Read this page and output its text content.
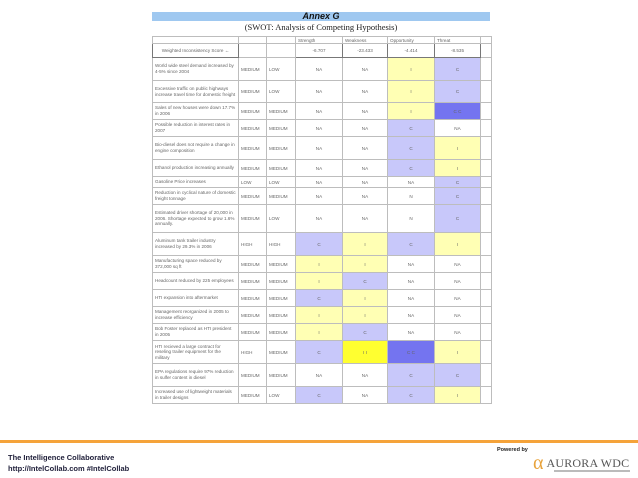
Annex G
(SWOT: Analysis of Competing Hypothesis)
			Strength	Weakness	Opportunity	Threat	
Weighted Inconsistency Score ←			-6.707	-23.433	-4.414	-8.535	
World wide steel demand increased by 4-5% since 2004	MEDIUM	LOW	NA	NA	I	C	
Excessive traffic on public highways increase travel time for domestic freight	MEDIUM	LOW	NA	NA	I	C	
Sales of new houses were down 17.7% in 2006	MEDIUM	MEDIUM	NA	NA	I	C C	
Possible reduction in interest rates in 2007	MEDIUM	MEDIUM	NA	NA	C	NA	
Bio-diesel does not require a change in engine composition	MEDIUM	MEDIUM	NA	NA	C	I	
Ethanol production increasing annually	MEDIUM	MEDIUM	NA	NA	C	I	
Gasoline Price increases	LOW	LOW	NA	NA	NA	C	
Reduction in cyclical nature of domestic freight tonnage	MEDIUM	MEDIUM	NA	NA	N	C	
Estimated driver shortage of 20,000 in 2006. Shortage expected to grow 1.6% annually.	MEDIUM	LOW	NA	NA	N	C	
Aluminum tank trailer industry increased by 29.3% in 2006	HIGH	HIGH	C	I	C	I	
Manufacturing space reduced by 372,000 sq ft	MEDIUM	MEDIUM	I	I	NA	NA	
Headcount reduced by 225 employees	MEDIUM	MEDIUM	I	C	NA	NA	
HTI expansion into aftermarket	MEDIUM	MEDIUM	C	I	NA	NA	
Management reorganized in 2005 to increase efficiency	MEDIUM	MEDIUM	I	I	NA	NA	
Bob Foster replaced as HTI president in 2005	MEDIUM	MEDIUM	I	C	NA	NA	
HTI recieved a large contract for reseling trailer equipment for the military	HIGH	MEDIUM	C	I I	C C	I	
EPA regulations require 97% reduction in sulfer content in diesel	MEDIUM	MEDIUM	NA	NA	C	C	
Increased use of lightweight materials in trailer designs	MEDIUM	LOW	C	NA	C	I	
The Intelligence Collaborative
http://IntelCollab.com #IntelCollab
Powered by
α AURORA WDC
